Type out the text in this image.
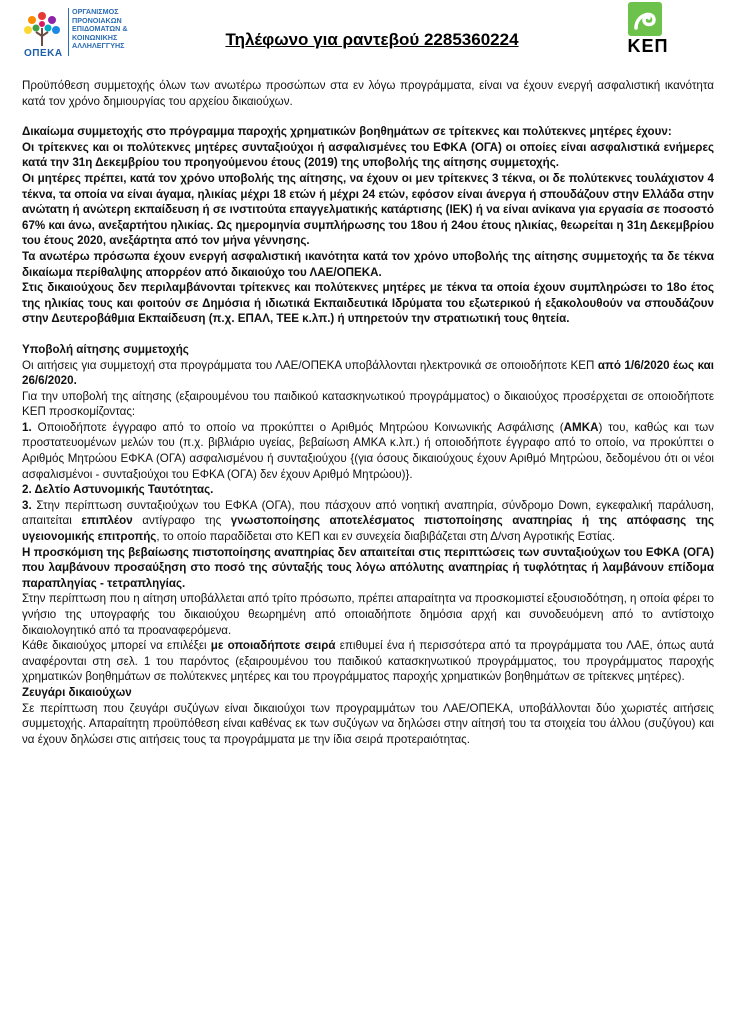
ΟΠΕΚΑ
ΟΡΓΑΝΙΣΜΟΣ
ΠΡΟΝΟΙΑΚΩΝ
ΕΠΙΔΟΜΑΤΩΝ &
ΚΟΙΝΩΝΙΚΗΣ
ΑΛΛΗΛΕΓΓΥΗΣ	Τηλέφωνο για ραντεβού 2285360224	ΚΕΠ

Προϋπόθεση συμμετοχής όλων των ανωτέρω προσώπων στα εν λόγω προγράμματα, είναι να έχουν ενεργή ασφαλιστική ικανότητα κατά τον χρόνο δημιουργίας του αρχείου δικαιούχων.

Δικαίωμα συμμετοχής στο πρόγραμμα παροχής χρηματικών βοηθημάτων σε τρίτεκνες και πολύτεκνες μητέρες έχουν:

Οι τρίτεκνες και οι πολύτεκνες μητέρες συνταξιούχοι ή ασφαλισμένες του ΕΦΚΑ (ΟΓΑ) οι οποίες είναι ασφαλιστικά ενήμερες κατά την 31η Δεκεμβρίου του προηγούμενου έτους (2019) της υποβολής της αίτησης συμμετοχής.

Οι μητέρες πρέπει, κατά τον χρόνο υποβολής της αίτησης, να έχουν οι μεν τρίτεκνες 3 τέκνα, οι δε πολύτεκνες τουλάχιστον 4 τέκνα, τα οποία να είναι άγαμα, ηλικίας μέχρι 18 ετών ή μέχρι 24 ετών, εφόσον είναι άνεργα ή σπουδάζουν στην Ελλάδα στην ανώτατη ή ανώτερη εκπαίδευση ή σε ινστιτούτα επαγγελματικής κατάρτισης (ΙΕΚ) ή να είναι ανίκανα για εργασία σε ποσοστό 67% και άνω, ανεξαρτήτου ηλικίας. Ως ημερομηνία συμπλήρωσης του 18ου ή 24ου έτους ηλικίας, θεωρείται η 31η Δεκεμβρίου του έτους 2020, ανεξάρτητα από τον μήνα γέννησης.

Τα ανωτέρω πρόσωπα έχουν ενεργή ασφαλιστική ικανότητα κατά τον χρόνο υποβολής της αίτησης συμμετοχής τα δε τέκνα δικαίωμα περίθαλψης απορρέον από δικαιούχο του ΛΑΕ/ΟΠΕΚΑ.

Στις δικαιούχους δεν περιλαμβάνονται τρίτεκνες και πολύτεκνες μητέρες με τέκνα τα οποία έχουν συμπληρώσει το 18ο έτος της ηλικίας τους και φοιτούν σε Δημόσια ή ιδιωτικά Εκπαιδευτικά Ιδρύματα του εξωτερικού ή εξακολουθούν να σπουδάζουν στην Δευτεροβάθμια Εκπαίδευση (π.χ. ΕΠΑΛ, ΤΕΕ κ.λπ.) ή υπηρετούν την στρατιωτική τους θητεία.

Υποβολή αίτησης συμμετοχής

Οι αιτήσεις για συμμετοχή στα προγράμματα του ΛΑΕ/ΟΠΕΚΑ υποβάλλονται ηλεκτρονικά σε οποιοδήποτε ΚΕΠ από 1/6/2020 έως και 26/6/2020.

Για την υποβολή της αίτησης (εξαιρουμένου του παιδικού κατασκηνωτικού προγράμματος) ο δικαιούχος προσέρχεται σε οποιοδήποτε ΚΕΠ προσκομίζοντας:

1. Οποιοδήποτε έγγραφο από το οποίο να προκύπτει ο Αριθμός Μητρώου Κοινωνικής Ασφάλισης (ΑΜΚΑ) του, καθώς και των προστατευομένων μελών του (π.χ. βιβλιάριο υγείας, βεβαίωση ΑΜΚΑ κ.λπ.) ή οποιοδήποτε έγγραφο από το οποίο, να προκύπτει ο Αριθμός Μητρώου ΕΦΚΑ (ΟΓΑ) ασφαλισμένου ή συνταξιούχου {(για όσους δικαιούχους έχουν Αριθμό Μητρώου, δεδομένου ότι οι νέοι ασφαλισμένοι - συνταξιούχοι του ΕΦΚΑ (ΟΓΑ) δεν έχουν Αριθμό Μητρώου)}.

2. Δελτίο Αστυνομικής Ταυτότητας.

3. Στην περίπτωση συνταξιούχων του ΕΦΚΑ (ΟΓΑ), που πάσχουν από νοητική αναπηρία, σύνδρομο Down, εγκεφαλική παράλυση, απαιτείται επιπλέον αντίγραφο της γνωστοποίησης αποτελέσματος πιστοποίησης αναπηρίας ή της απόφασης της υγειονομικής επιτροπής, το οποίο παραδίδεται στο ΚΕΠ και εν συνεχεία διαβιβάζεται στη Δ/νση Αγροτικής Εστίας.

Η προσκόμιση της βεβαίωσης πιστοποίησης αναπηρίας δεν απαιτείται στις περιπτώσεις των συνταξιούχων του ΕΦΚΑ (ΟΓΑ) που λαμβάνουν προσαύξηση στο ποσό της σύνταξής τους λόγω απόλυτης αναπηρίας ή τυφλότητας ή λαμβάνουν επίδομα παραπληγίας - τετραπληγίας.

Στην περίπτωση που η αίτηση υποβάλλεται από τρίτο πρόσωπο, πρέπει απαραίτητα να προσκομιστεί εξουσιοδότηση, η οποία φέρει το γνήσιο της υπογραφής του δικαιούχου θεωρημένη από οποιαδήποτε δημόσια αρχή και συνοδευόμενη από το αντίστοιχο δικαιολογητικό από τα προαναφερόμενα.

Κάθε δικαιούχος μπορεί να επιλέξει με οποιαδήποτε σειρά επιθυμεί ένα ή περισσότερα από τα προγράμματα του ΛΑΕ, όπως αυτά αναφέρονται στη σελ. 1 του παρόντος (εξαιρουμένου του παιδικού κατασκηνωτικού προγράμματος, του προγράμματος παροχής χρηματικών βοηθημάτων σε πολύτεκνες μητέρες και του προγράμματος παροχής χρηματικών βοηθημάτων σε τρίτεκνες μητέρες).

Ζευγάρι δικαιούχων

Σε περίπτωση που ζευγάρι συζύγων είναι δικαιούχοι των προγραμμάτων του ΛΑΕ/ΟΠΕΚΑ, υποβάλλονται δύο χωριστές αιτήσεις συμμετοχής. Απαραίτητη προϋπόθεση είναι καθένας εκ των συζύγων να δηλώσει στην αίτησή του τα στοιχεία του άλλου (συζύγου) και να έχουν δηλώσει στις αιτήσεις τους τα προγράμματα με την ίδια σειρά προτεραιότητας.
